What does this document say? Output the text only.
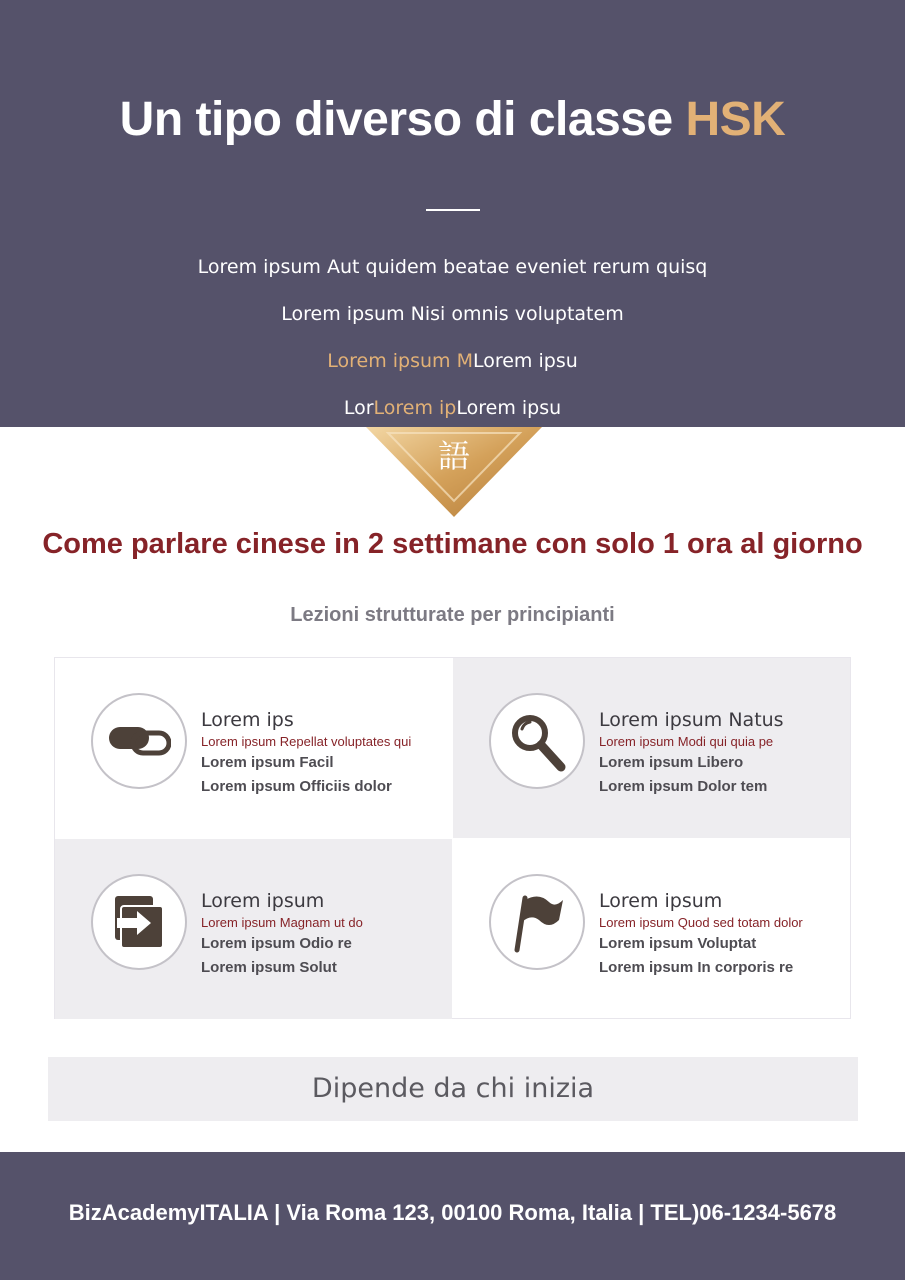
Un tipo diverso di classe HSK
Lorem ipsum Aut quidem beatae eveniet rerum quisq
Lorem ipsum Nisi omnis voluptatem
Lorem ipsum MLorem ipsu
LorLorem ipLorem ipsu
語
Come parlare cinese in 2 settimane con solo 1 ora al giorno
Lezioni strutturate per principianti
Lorem ips
Lorem ipsum Repellat voluptates qui
Lorem ipsum Facil
Lorem ipsum Officiis dolor
Lorem ipsum Natus
Lorem ipsum Modi qui quia pe
Lorem ipsum Libero
Lorem ipsum Dolor tem
Lorem ipsum
Lorem ipsum Magnam ut do
Lorem ipsum Odio re
Lorem ipsum Solut
Lorem ipsum
Lorem ipsum Quod sed totam dolor
Lorem ipsum Voluptat
Lorem ipsum In corporis re
Dipende da chi inizia
BizAcademyITALIA | Via Roma 123, 00100 Roma, Italia | TEL)06-1234-5678
